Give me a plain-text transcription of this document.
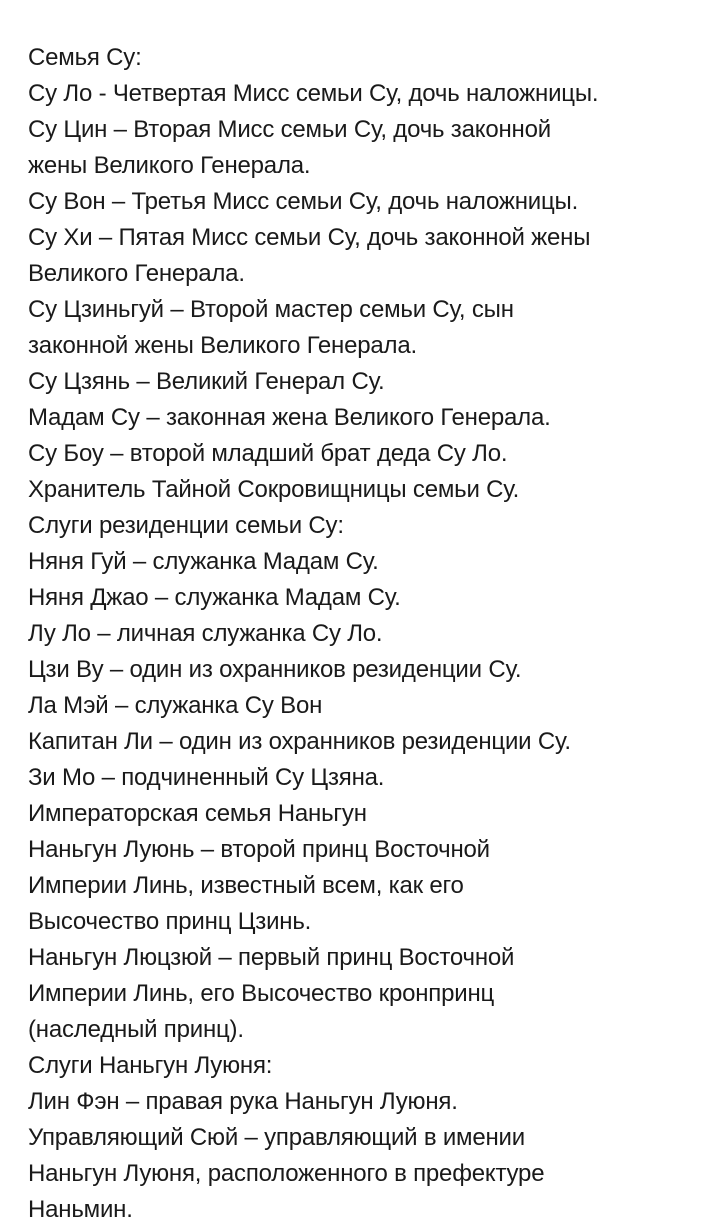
Семья Су:
Су Ло - Четвертая Мисс семьи Су, дочь наложницы.
Су Цин – Вторая Мисс семьи Су, дочь законной
жены Великого Генерала.
Су Вон – Третья Мисс семьи Су, дочь наложницы.
Су Хи – Пятая Мисс семьи Су, дочь законной жены
Великого Генерала.
Су Цзиньгуй – Второй мастер семьи Су, сын
законной жены Великого Генерала.
Су Цзянь – Великий Генерал Су.
Мадам Су – законная жена Великого Генерала.
Су Боу – второй младший брат деда Су Ло.
Хранитель Тайной Сокровищницы семьи Су.
Слуги резиденции семьи Су:
Няня Гуй – служанка Мадам Су.
Няня Джао – служанка Мадам Су.
Лу Ло – личная служанка Су Ло.
Цзи Ву – один из охранников резиденции Су.
Ла Мэй – служанка Су Вон
Капитан Ли – один из охранников резиденции Су.
Зи Мо – подчиненный Су Цзяна.
Императорская семья Наньгун
Наньгун Луюнь – второй принц Восточной
Империи Линь, известный всем, как его
Высочество принц Цзинь.
Наньгун Люцзюй – первый принц Восточной
Империи Линь, его Высочество кронпринц
(наследный принц).
Слуги Наньгун Луюня:
Лин Фэн – правая рука Наньгун Луюня.
Управляющий Сюй – управляющий в имении
Наньгун Луюня, расположенного в префектуре
Наньмин.
